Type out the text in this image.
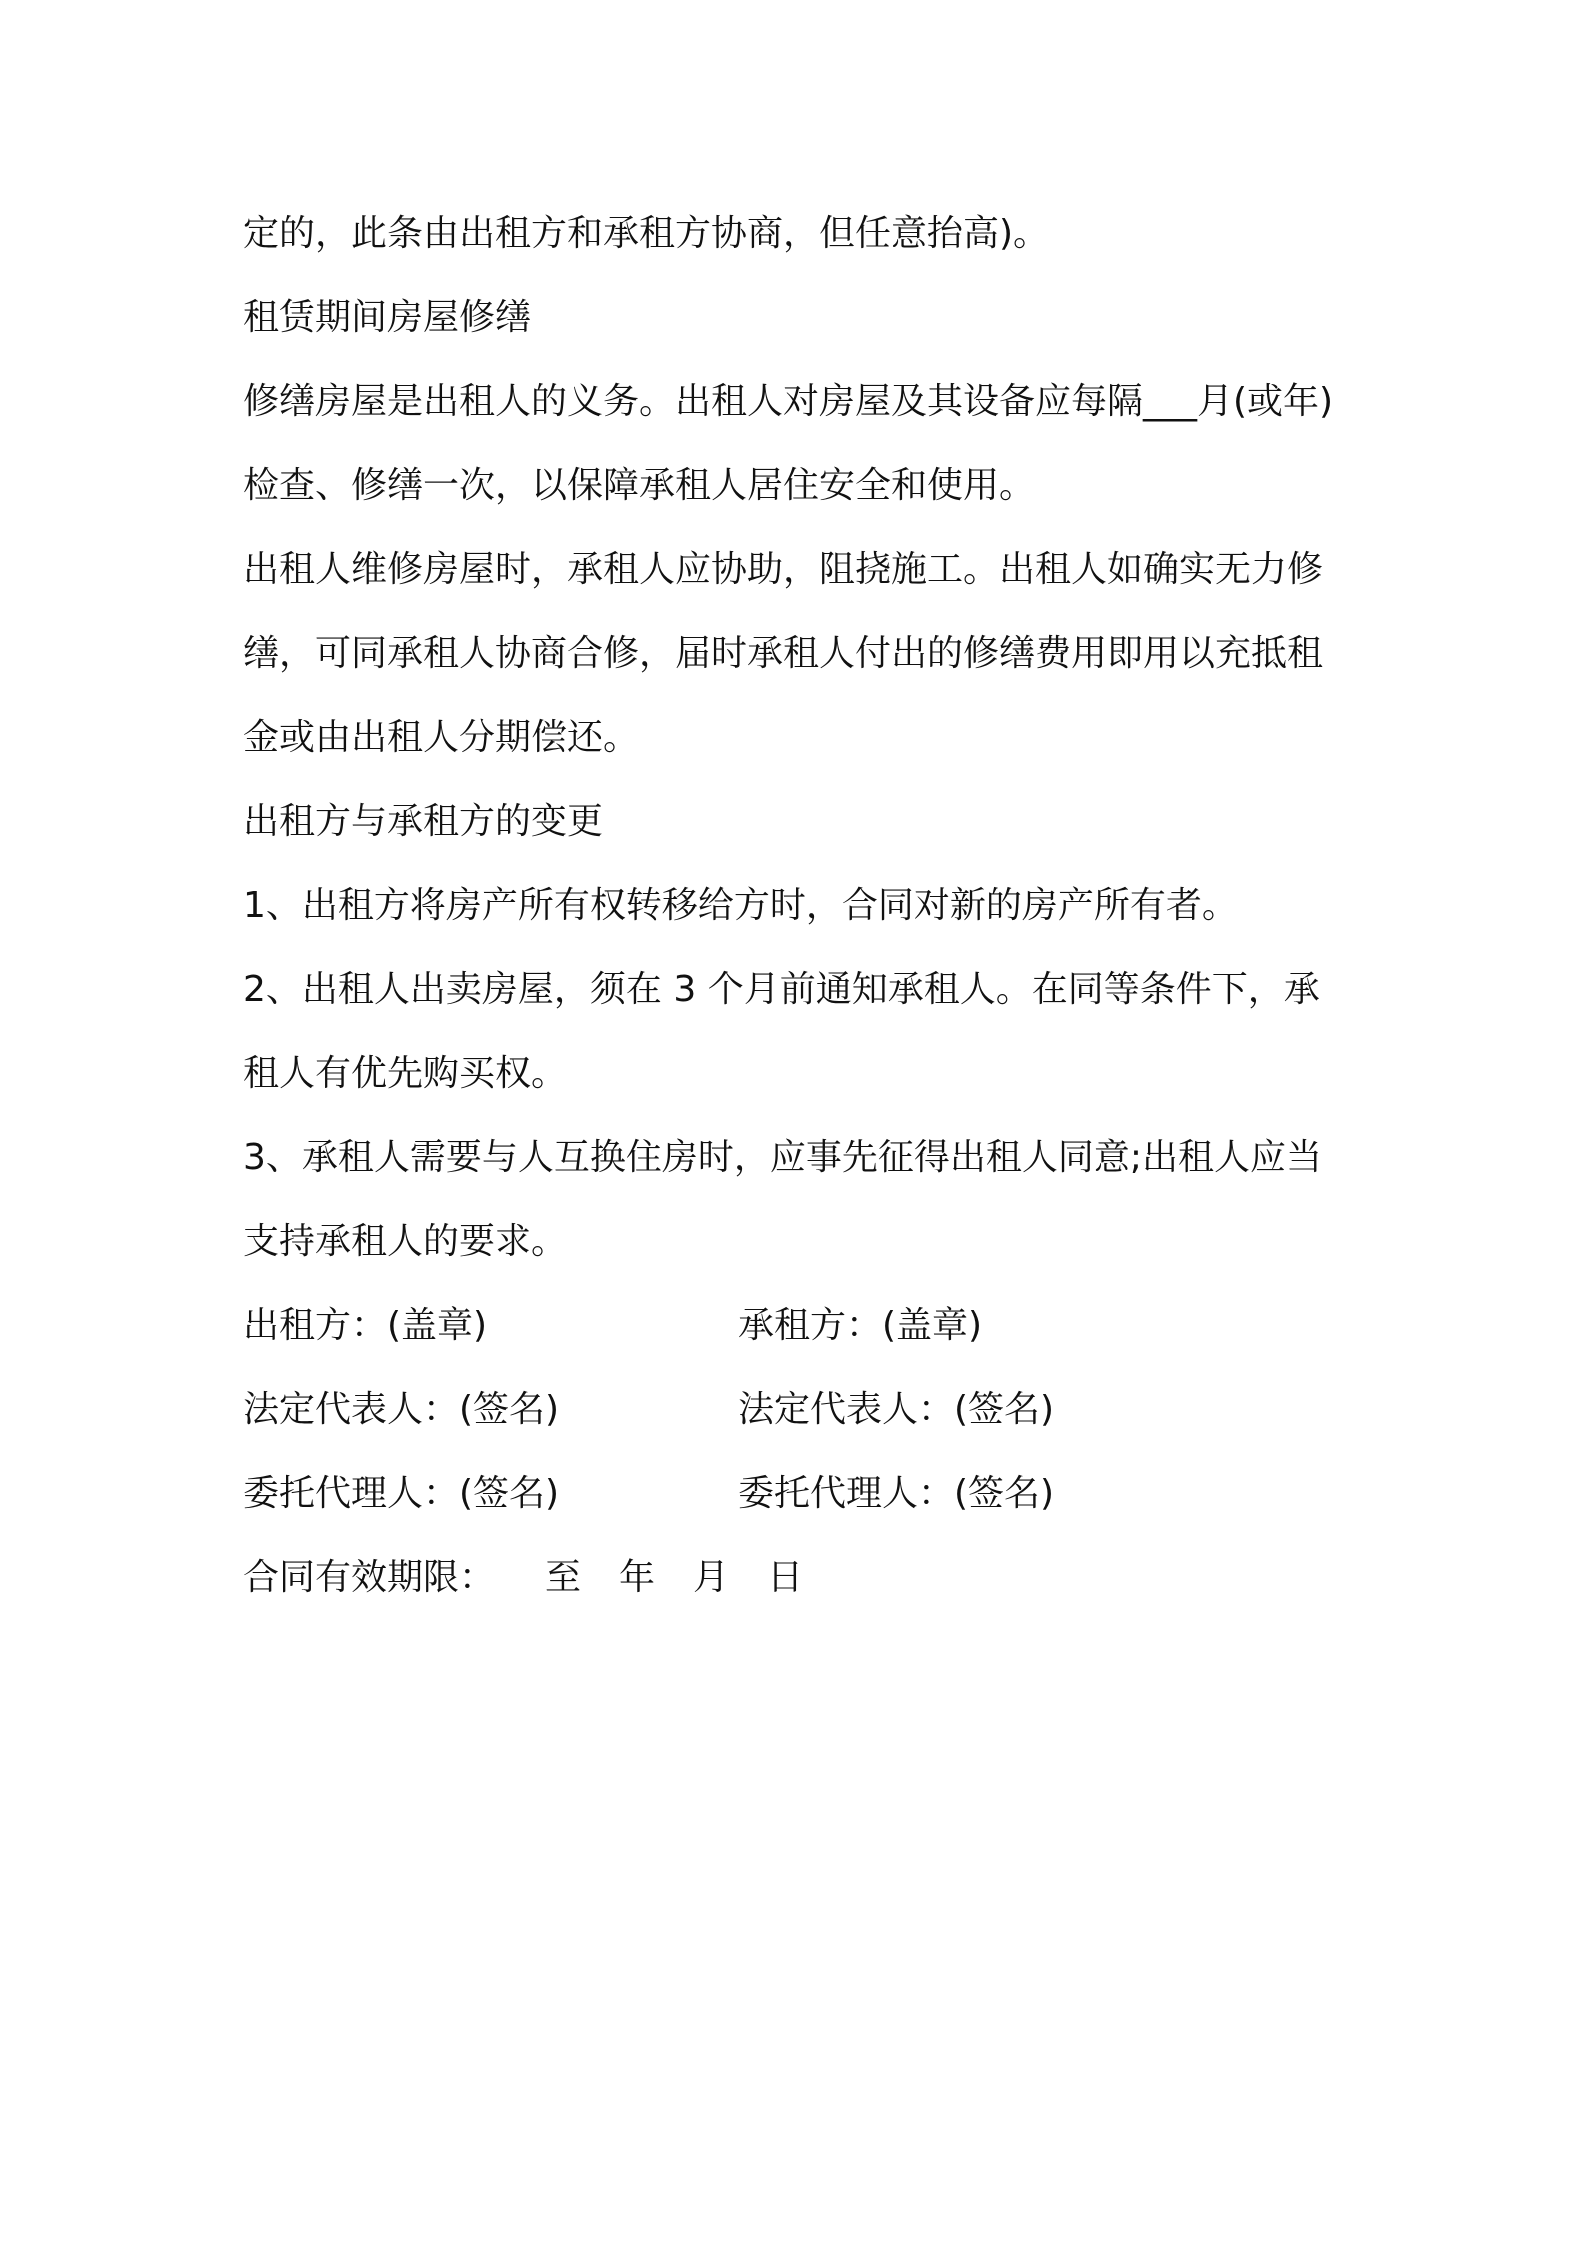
定的，此条由出租方和承租方协商，但任意抬高)。

租赁期间房屋修缮

修缮房屋是出租人的义务。出租人对房屋及其设备应每隔___月(或年)检查、修缮一次，以保障承租人居住安全和使用。

出租人维修房屋时，承租人应协助，阻挠施工。出租人如确实无力修缮，可同承租人协商合修，届时承租人付出的修缮费用即用以充抵租金或由出租人分期偿还。

出租方与承租方的变更

1、出租方将房产所有权转移给方时，合同对新的房产所有者。

2、出租人出卖房屋，须在 3 个月前通知承租人。在同等条件下，承租人有优先购买权。

3、承租人需要与人互换住房时，应事先征得出租人同意;出租人应当支持承租人的要求。

出租方：(盖章)	承租方：(盖章)
法定代表人：(签名)	法定代表人：(签名)
委托代理人：(签名)	委托代理人：(签名)

合同有效期限： 至 年 月 日
